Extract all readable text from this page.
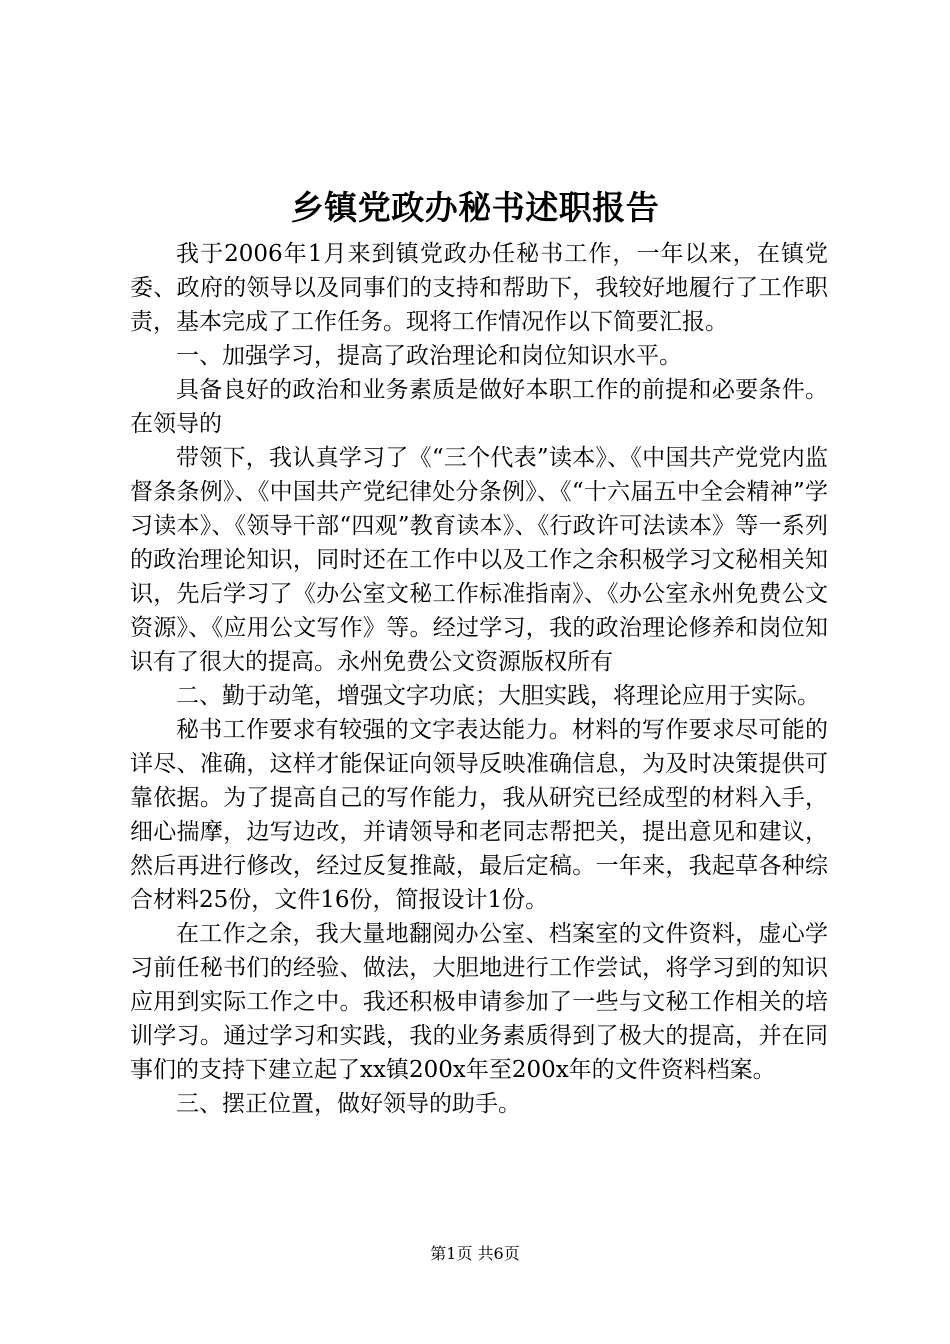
乡镇党政办秘书述职报告

我于2006年1月来到镇党政办任秘书工作，一年以来，在镇党委、政府的领导以及同事们的支持和帮助下，我较好地履行了工作职责，基本完成了工作任务。现将工作情况作以下简要汇报。

一、加强学习，提高了政治理论和岗位知识水平。

具备良好的政治和业务素质是做好本职工作的前提和必要条件。在领导的

带领下，我认真学习了《“三个代表”读本》、《中国共产党党内监督条条例》、《中国共产党纪律处分条例》、《“十六届五中全会精神”学习读本》、《领导干部“四观”教育读本》、《行政许可法读本》等一系列的政治理论知识，同时还在工作中以及工作之余积极学习文秘相关知识，先后学习了《办公室文秘工作标准指南》、《办公室永州免费公文资源》、《应用公文写作》等。经过学习，我的政治理论修养和岗位知识有了很大的提高。永州免费公文资源版权所有

二、勤于动笔，增强文字功底；大胆实践，将理论应用于实际。

秘书工作要求有较强的文字表达能力。材料的写作要求尽可能的详尽、准确，这样才能保证向领导反映准确信息，为及时决策提供可靠依据。为了提高自己的写作能力，我从研究已经成型的材料入手，细心揣摩，边写边改，并请领导和老同志帮把关，提出意见和建议，然后再进行修改，经过反复推敲，最后定稿。一年来，我起草各种综合材料25份，文件16份，简报设计1份。

在工作之余，我大量地翻阅办公室、档案室的文件资料，虚心学习前任秘书们的经验、做法，大胆地进行工作尝试，将学习到的知识应用到实际工作之中。我还积极申请参加了一些与文秘工作相关的培训学习。通过学习和实践，我的业务素质得到了极大的提高，并在同事们的支持下建立起了xx镇200x年至200x年的文件资料档案。

三、摆正位置，做好领导的助手。

第1页 共6页
